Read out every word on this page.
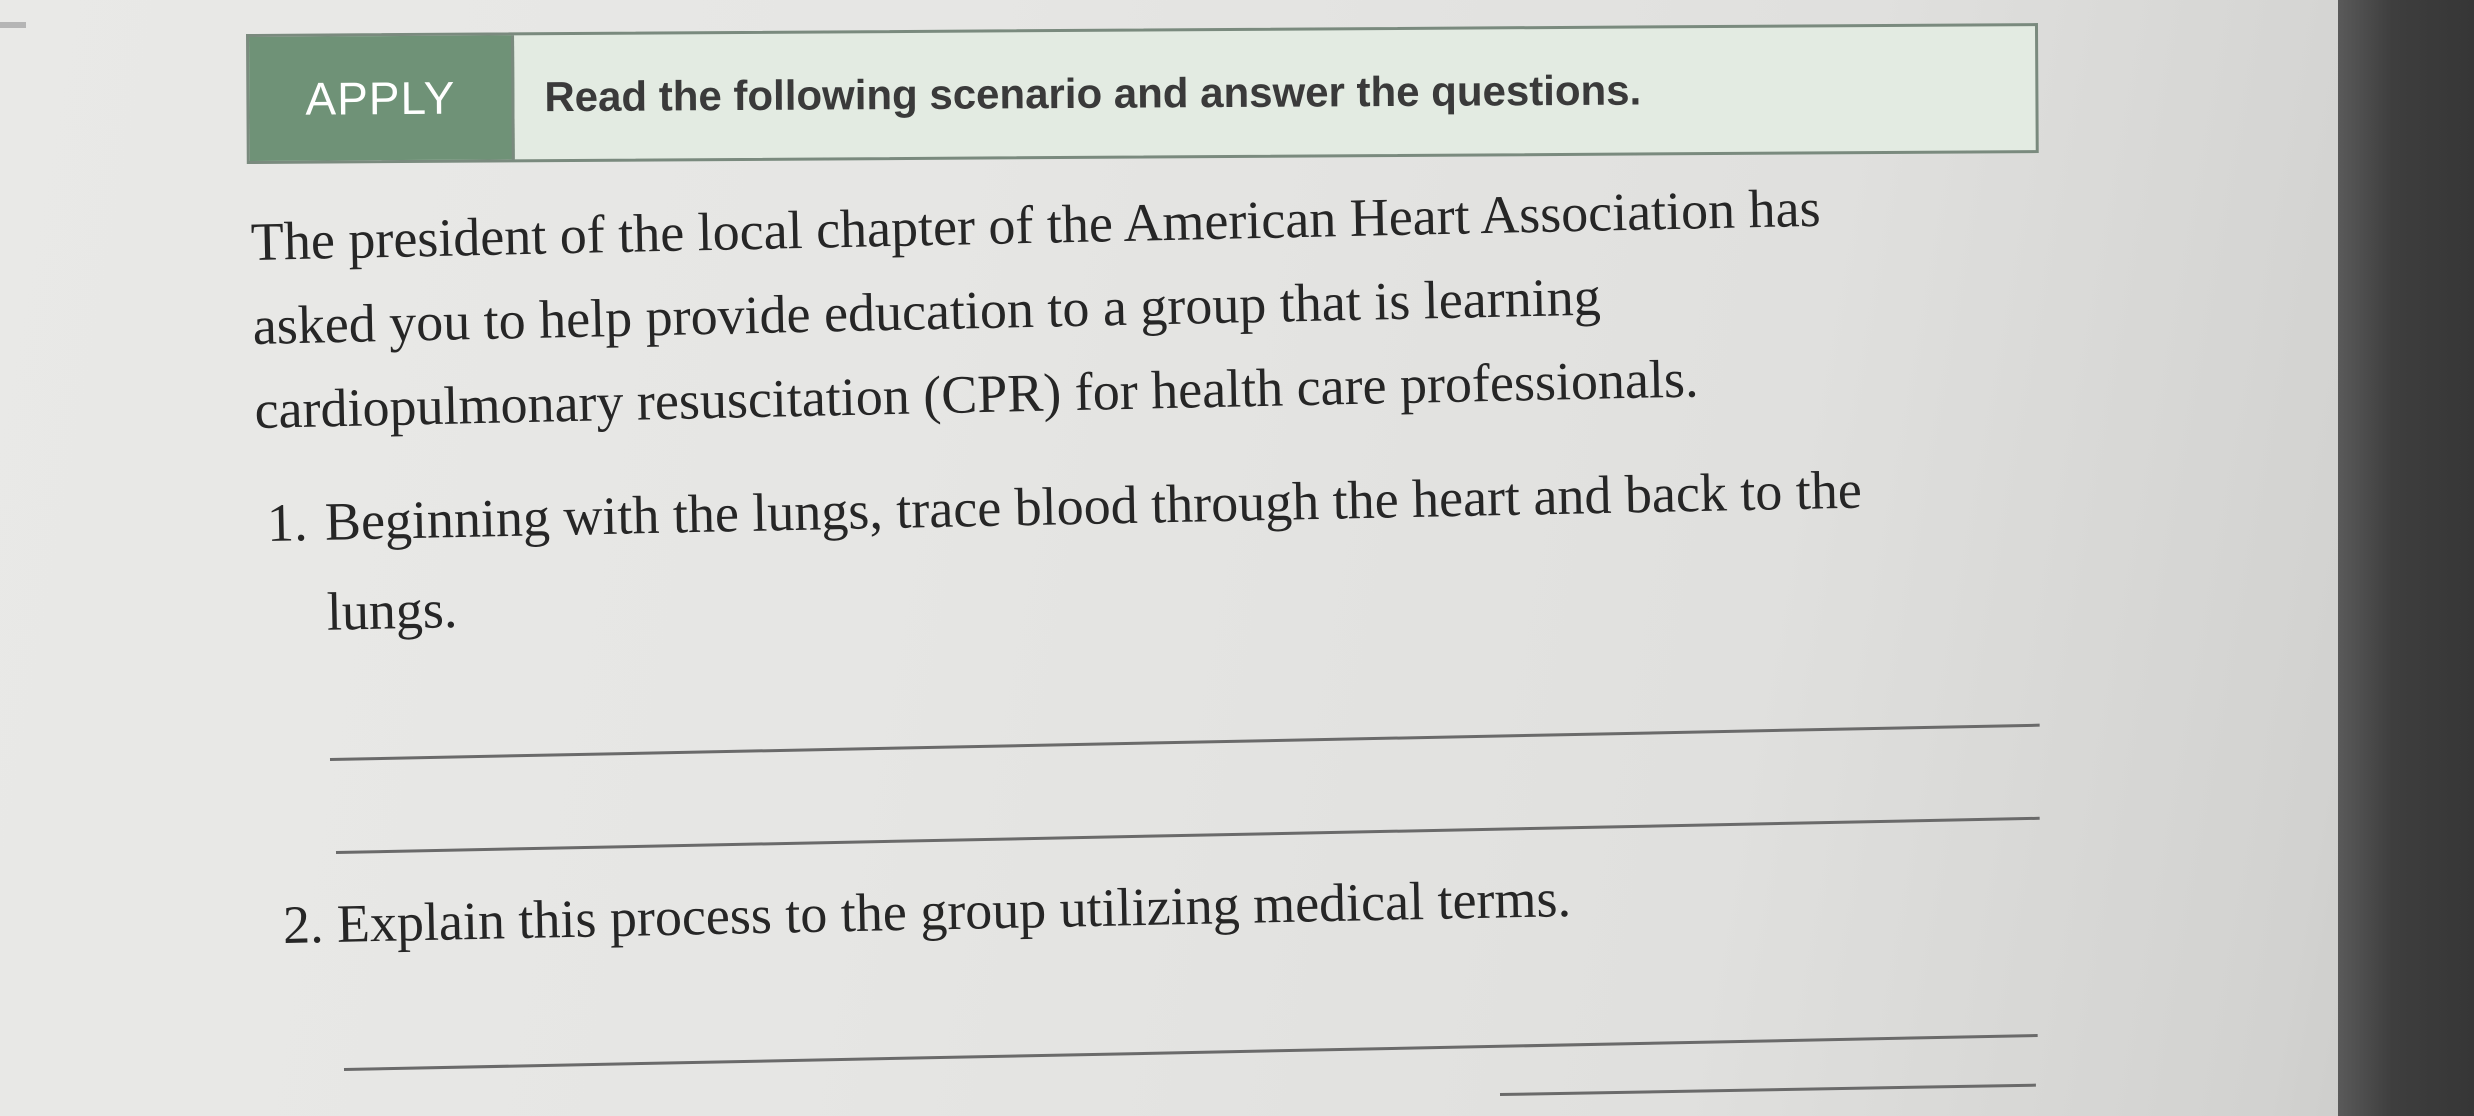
APPLY	Read the following scenario and answer the questions.
The president of the local chapter of the American Heart Association has
asked you to help provide education to a group that is learning
cardiopulmonary resuscitation (CPR) for health care professionals.
1. Beginning with the lungs, trace blood through the heart and back to the
lungs.
2. Explain this process to the group utilizing medical terms.
